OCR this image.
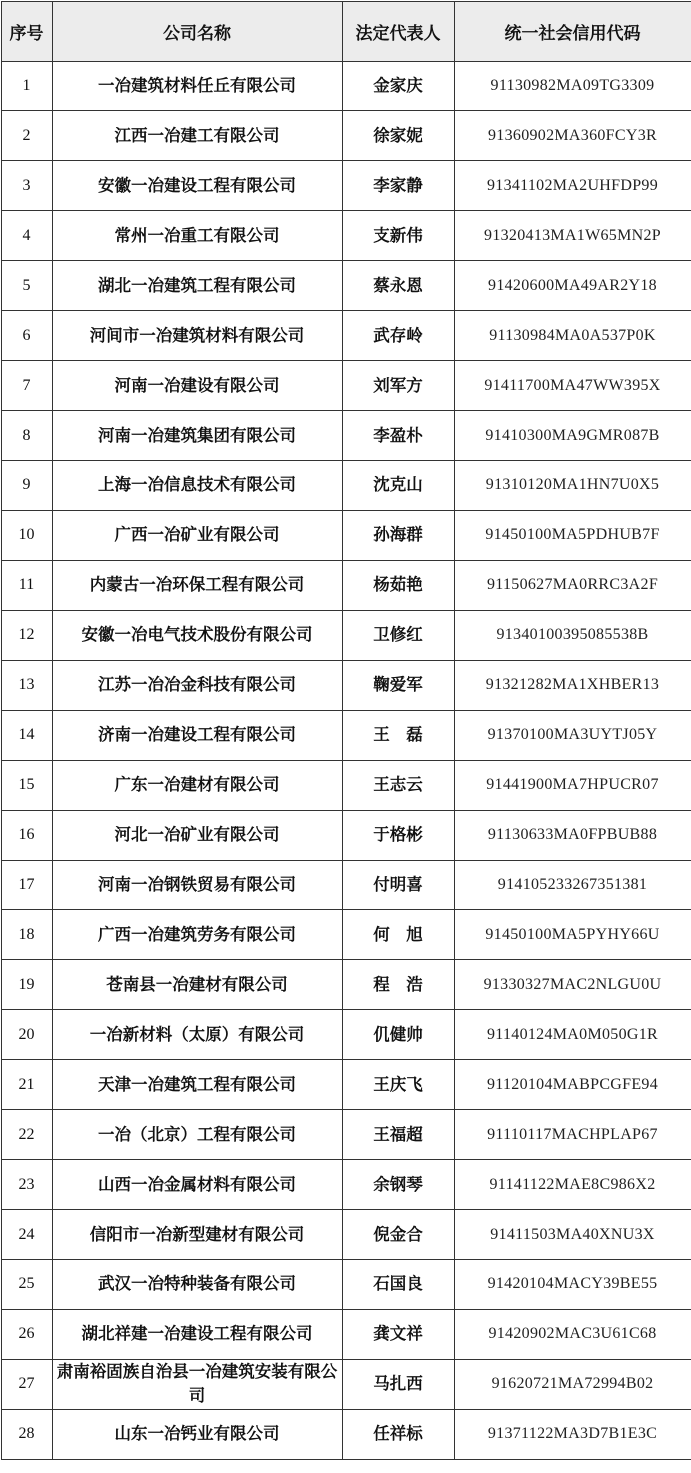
序号	公司名称	法定代表人	统一社会信用代码
1	一冶建筑材料任丘有限公司	金家庆	91130982MA09TG3309
2	江西一冶建工有限公司	徐家妮	91360902MA360FCY3R
3	安徽一冶建设工程有限公司	李家静	91341102MA2UHFDP99
4	常州一冶重工有限公司	支新伟	91320413MA1W65MN2P
5	湖北一冶建筑工程有限公司	蔡永恩	91420600MA49AR2Y18
6	河间市一冶建筑材料有限公司	武存岭	91130984MA0A537P0K
7	河南一冶建设有限公司	刘军方	91411700MA47WW395X
8	河南一冶建筑集团有限公司	李盈朴	91410300MA9GMR087B
9	上海一冶信息技术有限公司	沈克山	91310120MA1HN7U0X5
10	广西一冶矿业有限公司	孙海群	91450100MA5PDHUB7F
11	内蒙古一冶环保工程有限公司	杨茹艳	91150627MA0RRC3A2F
12	安徽一冶电气技术股份有限公司	卫修红	91340100395085538B
13	江苏一冶冶金科技有限公司	鞠爱军	91321282MA1XHBER13
14	济南一冶建设工程有限公司	王　磊	91370100MA3UYTJ05Y
15	广东一冶建材有限公司	王志云	91441900MA7HPUCR07
16	河北一冶矿业有限公司	于格彬	91130633MA0FPBUB88
17	河南一冶钢铁贸易有限公司	付明喜	914105233267351381
18	广西一冶建筑劳务有限公司	何　旭	91450100MA5PYHY66U
19	苍南县一冶建材有限公司	程　浩	91330327MAC2NLGU0U
20	一冶新材料（太原）有限公司	仉健帅	91140124MA0M050G1R
21	天津一冶建筑工程有限公司	王庆飞	91120104MABPCGFE94
22	一冶（北京）工程有限公司	王福超	91110117MACHPLAP67
23	山西一冶金属材料有限公司	余钢琴	91141122MAE8C986X2
24	信阳市一冶新型建材有限公司	倪金合	91411503MA40XNU3X
25	武汉一冶特种装备有限公司	石国良	91420104MACY39BE55
26	湖北祥建一冶建设工程有限公司	龚文祥	91420902MAC3U61C68
27	肃南裕固族自治县一冶建筑安装有限公司	马扎西	91620721MA72994B02
28	山东一冶钙业有限公司	任祥标	91371122MA3D7B1E3C
